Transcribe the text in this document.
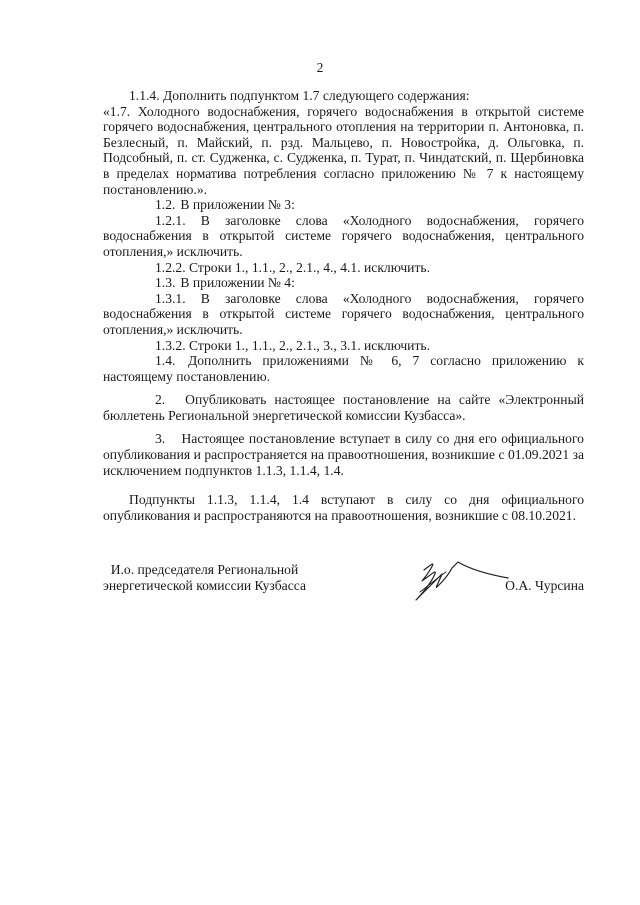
2

1.1.4. Дополнить подпунктом 1.7 следующего содержания:

«1.7. Холодного водоснабжения, горячего водоснабжения в открытой системе горячего водоснабжения, центрального отопления на территории п. Антоновка, п. Безлесный, п. Майский, п. рзд. Мальцево, п. Новостройка, д. Ольговка, п. Подсобный, п. ст. Судженка, с. Судженка, п. Турат, п. Чиндатский, п. Щербиновка в пределах норматива потребления согласно приложению № 7 к настоящему постановлению.».

1.2. В приложении № 3:

1.2.1. В заголовке слова «Холодного водоснабжения, горячего водоснабжения в открытой системе горячего водоснабжения, центрального отопления,» исключить.

1.2.2. Строки 1., 1.1., 2., 2.1., 4., 4.1. исключить.

1.3. В приложении № 4:

1.3.1. В заголовке слова «Холодного водоснабжения, горячего водоснабжения в открытой системе горячего водоснабжения, центрального отопления,» исключить.

1.3.2. Строки 1., 1.1., 2., 2.1., 3., 3.1. исключить.

1.4. Дополнить приложениями № 6, 7 согласно приложению к настоящему постановлению.

2. Опубликовать настоящее постановление на сайте «Электронный бюллетень Региональной энергетической комиссии Кузбасса».

3. Настоящее постановление вступает в силу со дня его официального опубликования и распространяется на правоотношения, возникшие с 01.09.2021 за исключением подпунктов 1.1.3, 1.1.4, 1.4.

Подпункты 1.1.3, 1.1.4, 1.4 вступают в силу со дня официального опубликования и распространяются на правоотношения, возникшие с 08.10.2021.

И.о. председателя Региональной
энергетической комиссии Кузбасса	О.А. Чурсина
